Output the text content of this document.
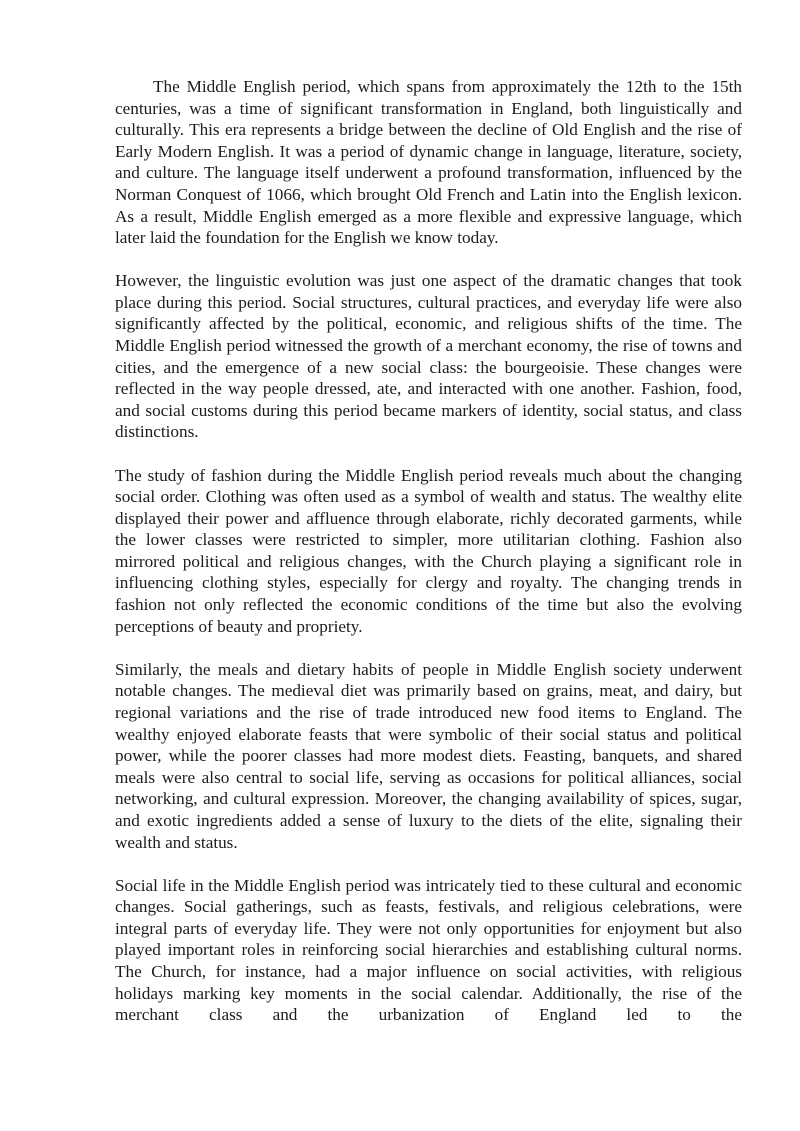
The Middle English period, which spans from approximately the 12th to the 15th centuries, was a time of significant transformation in England, both linguistically and culturally. This era represents a bridge between the decline of Old English and the rise of Early Modern English. It was a period of dynamic change in language, literature, society, and culture. The language itself underwent a profound transformation, influenced by the Norman Conquest of 1066, which brought Old French and Latin into the English lexicon. As a result, Middle English emerged as a more flexible and expressive language, which later laid the foundation for the English we know today.

However, the linguistic evolution was just one aspect of the dramatic changes that took place during this period. Social structures, cultural practices, and everyday life were also significantly affected by the political, economic, and religious shifts of the time. The Middle English period witnessed the growth of a merchant economy, the rise of towns and cities, and the emergence of a new social class: the bourgeoisie. These changes were reflected in the way people dressed, ate, and interacted with one another. Fashion, food, and social customs during this period became markers of identity, social status, and class distinctions.

The study of fashion during the Middle English period reveals much about the changing social order. Clothing was often used as a symbol of wealth and status. The wealthy elite displayed their power and affluence through elaborate, richly decorated garments, while the lower classes were restricted to simpler, more utilitarian clothing. Fashion also mirrored political and religious changes, with the Church playing a significant role in influencing clothing styles, especially for clergy and royalty. The changing trends in fashion not only reflected the economic conditions of the time but also the evolving perceptions of beauty and propriety.

Similarly, the meals and dietary habits of people in Middle English society underwent notable changes. The medieval diet was primarily based on grains, meat, and dairy, but regional variations and the rise of trade introduced new food items to England. The wealthy enjoyed elaborate feasts that were symbolic of their social status and political power, while the poorer classes had more modest diets. Feasting, banquets, and shared meals were also central to social life, serving as occasions for political alliances, social networking, and cultural expression. Moreover, the changing availability of spices, sugar, and exotic ingredients added a sense of luxury to the diets of the elite, signaling their wealth and status.

Social life in the Middle English period was intricately tied to these cultural and economic changes. Social gatherings, such as feasts, festivals, and religious celebrations, were integral parts of everyday life. They were not only opportunities for enjoyment but also played important roles in reinforcing social hierarchies and establishing cultural norms. The Church, for instance, had a major influence on social activities, with religious holidays marking key moments in the social calendar. Additionally, the rise of the merchant class and the urbanization of England led to the
